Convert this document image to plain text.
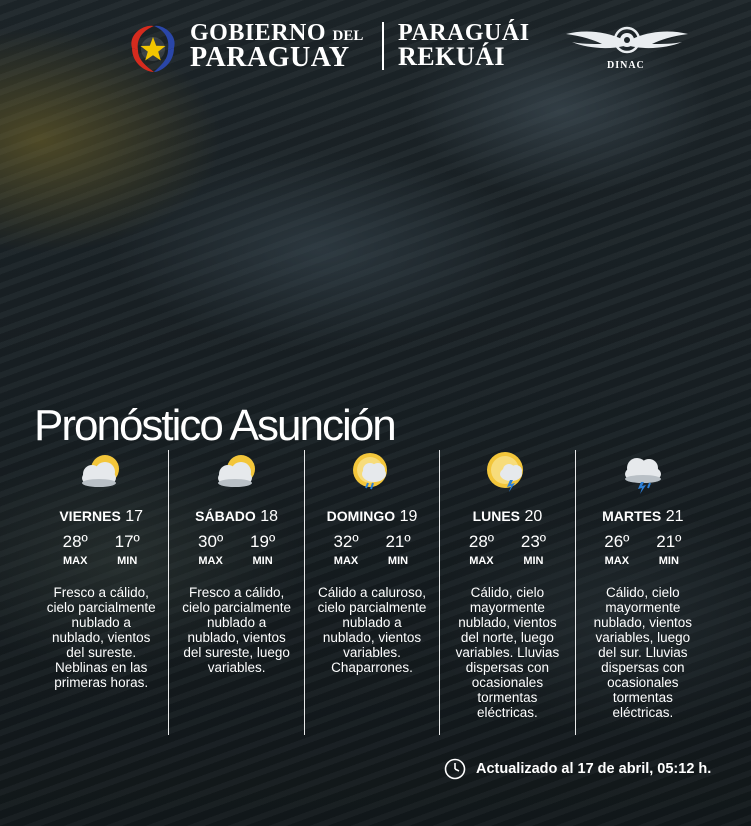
GOBIERNO DEL
PARAGUAY
PARAGUÁI
REKUÁI	DINAC
Pronóstico Asunción
VIERNES 17
28º
MAX
17º
MIN
Fresco a cálido, cielo parcialmente nublado a nublado, vientos del sureste. Neblinas en las primeras horas.
SÁBADO 18
30º
MAX
19º
MIN
Fresco a cálido, cielo parcialmente nublado a nublado, vientos del sureste, luego variables.
DOMINGO 19
32º
MAX
21º
MIN
Cálido a caluroso, cielo parcialmente nublado a nublado, vientos variables. Chaparrones.
LUNES 20
28º
MAX
23º
MIN
Cálido, cielo mayormente nublado, vientos del norte, luego variables. Lluvias dispersas con ocasionales tormentas eléctricas.
MARTES 21
26º
MAX
21º
MIN
Cálido, cielo mayormente nublado, vientos variables, luego del sur. Lluvias dispersas con ocasionales tormentas eléctricas.
Actualizado al 17 de abril, 05:12 h.
